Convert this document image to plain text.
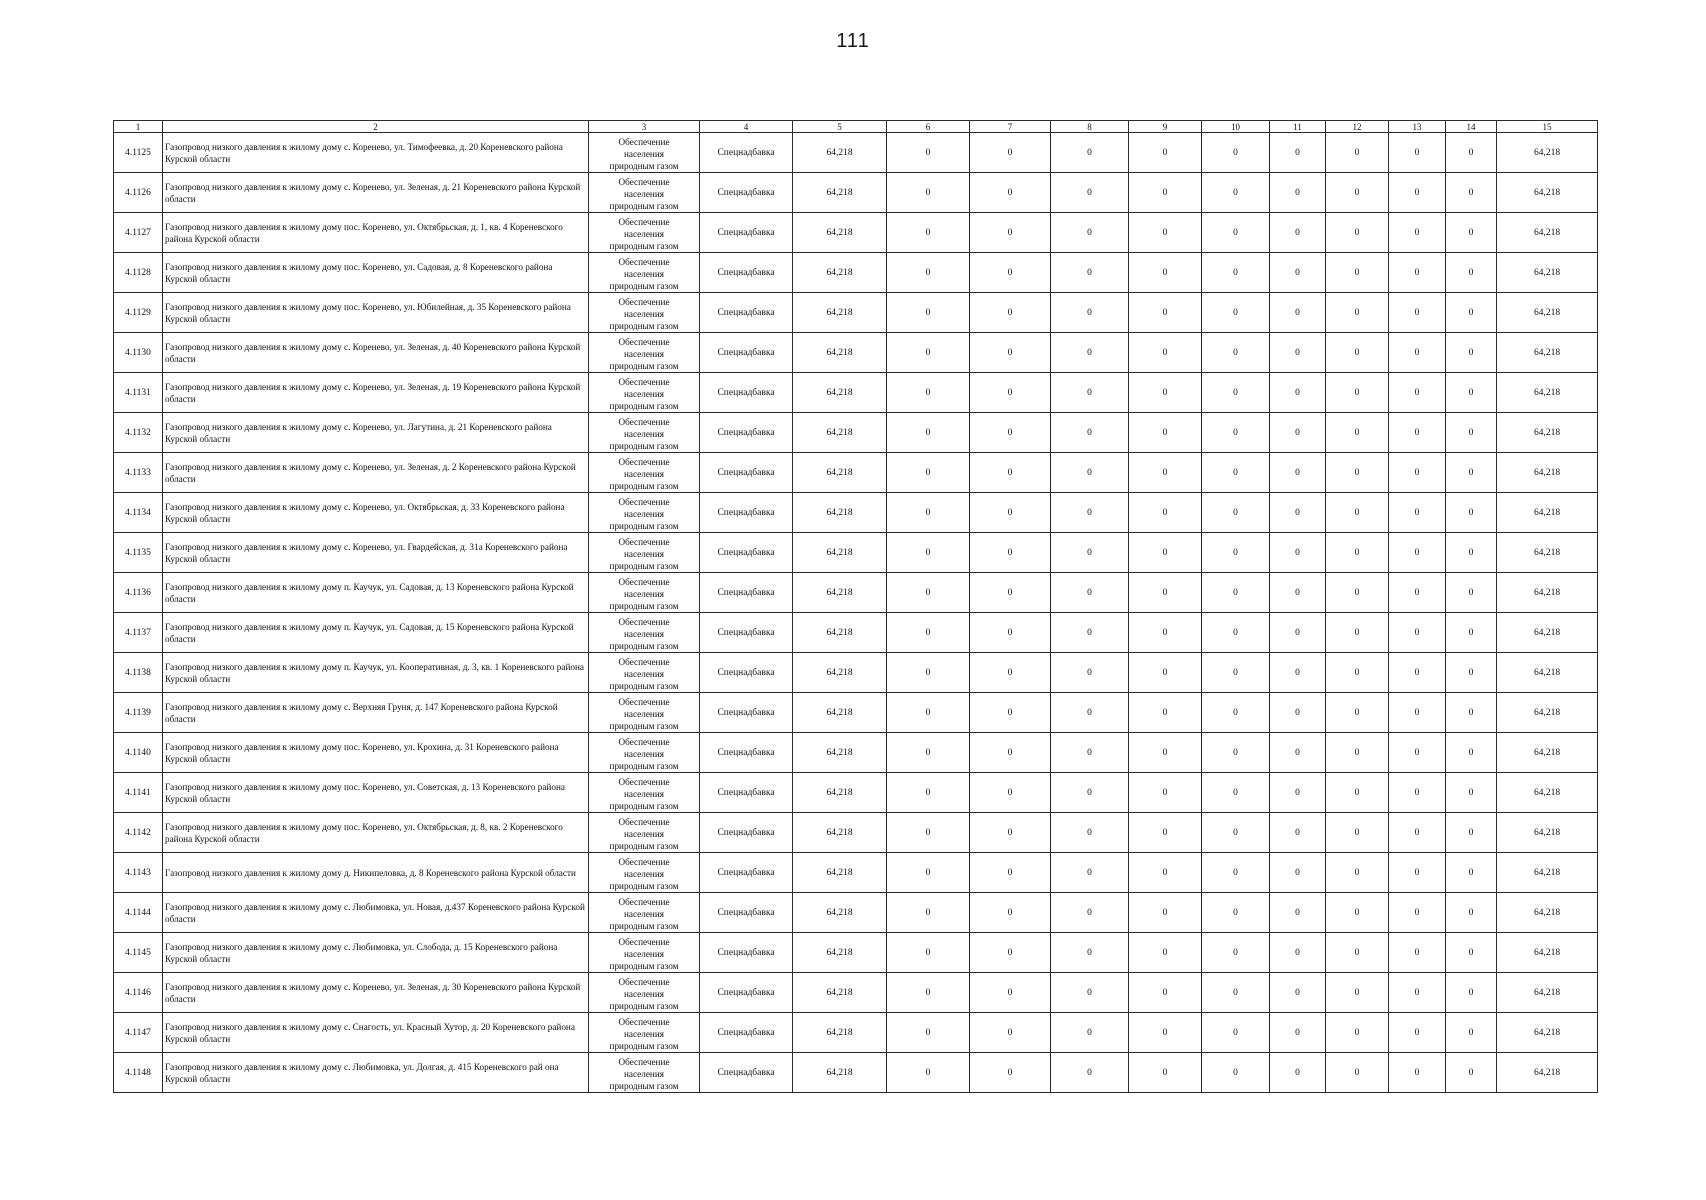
111
1	2	3	4	5	6	7	8	9	10	11	12	13	14	15
4.1125	Газопровод низкого давления к жилому дому с. Коренево, ул. Тимофеевка, д. 20 Кореневского района Курской области	Обеспечение
населения
природным газом	Спецнадбавка	64,218	0	0	0	0	0	0	0	0	0	64,218
4.1126	Газопровод низкого давления к жилому дому с. Коренево, ул. Зеленая, д. 21 Кореневского района Курской области	Обеспечение
населения
природным газом	Спецнадбавка	64,218	0	0	0	0	0	0	0	0	0	64,218
4.1127	Газопровод низкого давления к жилому дому пос. Коренево, ул. Октябрьская, д. 1, кв. 4 Кореневского района Курской области	Обеспечение
населения
природным газом	Спецнадбавка	64,218	0	0	0	0	0	0	0	0	0	64,218
4.1128	Газопровод низкого давления к жилому дому пос. Коренево, ул. Садовая, д. 8 Кореневского района Курской области	Обеспечение
населения
природным газом	Спецнадбавка	64,218	0	0	0	0	0	0	0	0	0	64,218
4.1129	Газопровод низкого давления к жилому дому пос. Коренево, ул. Юбилейная, д. 35 Кореневского района Курской области	Обеспечение
населения
природным газом	Спецнадбавка	64,218	0	0	0	0	0	0	0	0	0	64,218
4.1130	Газопровод низкого давления к жилому дому с. Коренево, ул. Зеленая, д. 40 Кореневского района Курской области	Обеспечение
населения
природным газом	Спецнадбавка	64,218	0	0	0	0	0	0	0	0	0	64,218
4.1131	Газопровод низкого давления к жилому дому с. Коренево, ул. Зеленая, д. 19 Кореневского района Курской области	Обеспечение
населения
природным газом	Спецнадбавка	64,218	0	0	0	0	0	0	0	0	0	64,218
4.1132	Газопровод низкого давления к жилому дому с. Коренево, ул. Лагутина, д. 21 Кореневского района Курской области	Обеспечение
населения
природным газом	Спецнадбавка	64,218	0	0	0	0	0	0	0	0	0	64,218
4.1133	Газопровод низкого давления к жилому дому с. Коренево, ул. Зеленая, д. 2 Кореневского района Курской области	Обеспечение
населения
природным газом	Спецнадбавка	64,218	0	0	0	0	0	0	0	0	0	64,218
4.1134	Газопровод низкого давления к жилому дому с. Коренево, ул. Октябрьская, д. 33 Кореневского района Курской области	Обеспечение
населения
природным газом	Спецнадбавка	64,218	0	0	0	0	0	0	0	0	0	64,218
4.1135	Газопровод низкого давления к жилому дому с. Коренево, ул. Гвардейская, д. 31а Кореневского района Курской области	Обеспечение
населения
природным газом	Спецнадбавка	64,218	0	0	0	0	0	0	0	0	0	64,218
4.1136	Газопровод низкого давления к жилому дому п. Каучук, ул. Садовая, д. 13 Кореневского района Курской области	Обеспечение
населения
природным газом	Спецнадбавка	64,218	0	0	0	0	0	0	0	0	0	64,218
4.1137	Газопровод низкого давления к жилому дому п. Каучук, ул. Садовая, д. 15 Кореневского района Курской области	Обеспечение
населения
природным газом	Спецнадбавка	64,218	0	0	0	0	0	0	0	0	0	64,218
4.1138	Газопровод низкого давления к жилому дому п. Каучук, ул. Кооперативная, д. 3, кв. 1 Кореневского района Курской области	Обеспечение
населения
природным газом	Спецнадбавка	64,218	0	0	0	0	0	0	0	0	0	64,218
4.1139	Газопровод низкого давления к жилому дому с. Верхняя Груня, д. 147 Кореневского района Курской области	Обеспечение
населения
природным газом	Спецнадбавка	64,218	0	0	0	0	0	0	0	0	0	64,218
4.1140	Газопровод низкого давления к жилому дому пос. Коренево, ул. Крохина, д. 31 Кореневского района Курской области	Обеспечение
населения
природным газом	Спецнадбавка	64,218	0	0	0	0	0	0	0	0	0	64,218
4.1141	Газопровод низкого давления к жилому дому пос. Коренево, ул. Советская, д. 13 Кореневского района Курской области	Обеспечение
населения
природным газом	Спецнадбавка	64,218	0	0	0	0	0	0	0	0	0	64,218
4.1142	Газопровод низкого давления к жилому дому пос. Коренево, ул. Октябрьская, д. 8, кв. 2 Кореневского района Курской области	Обеспечение
населения
природным газом	Спецнадбавка	64,218	0	0	0	0	0	0	0	0	0	64,218
4.1143	Газопровод низкого давления к жилому дому д. Никипеловка, д. 8 Кореневского района Курской области	Обеспечение
населения
природным газом	Спецнадбавка	64,218	0	0	0	0	0	0	0	0	0	64,218
4.1144	Газопровод низкого давления к жилому дому с. Любимовка, ул. Новая, д.437 Кореневского района Курской области	Обеспечение
населения
природным газом	Спецнадбавка	64,218	0	0	0	0	0	0	0	0	0	64,218
4.1145	Газопровод низкого давления к жилому дому с. Любимовка, ул. Слобода, д. 15 Кореневского района Курской области	Обеспечение
населения
природным газом	Спецнадбавка	64,218	0	0	0	0	0	0	0	0	0	64,218
4.1146	Газопровод низкого давления к жилому дому с. Коренево, ул. Зеленая, д. 30 Кореневского района Курской области	Обеспечение
населения
природным газом	Спецнадбавка	64,218	0	0	0	0	0	0	0	0	0	64,218
4.1147	Газопровод низкого давления к жилому дому с. Снагость, ул. Красный Хутор, д. 20 Кореневского района Курской области	Обеспечение
населения
природным газом	Спецнадбавка	64,218	0	0	0	0	0	0	0	0	0	64,218
4.1148	Газопровод низкого давления к жилому дому с. Любимовка, ул. Долгая, д. 415 Кореневского рай она Курской области	Обеспечение
населения
природным газом	Спецнадбавка	64,218	0	0	0	0	0	0	0	0	0	64,218
